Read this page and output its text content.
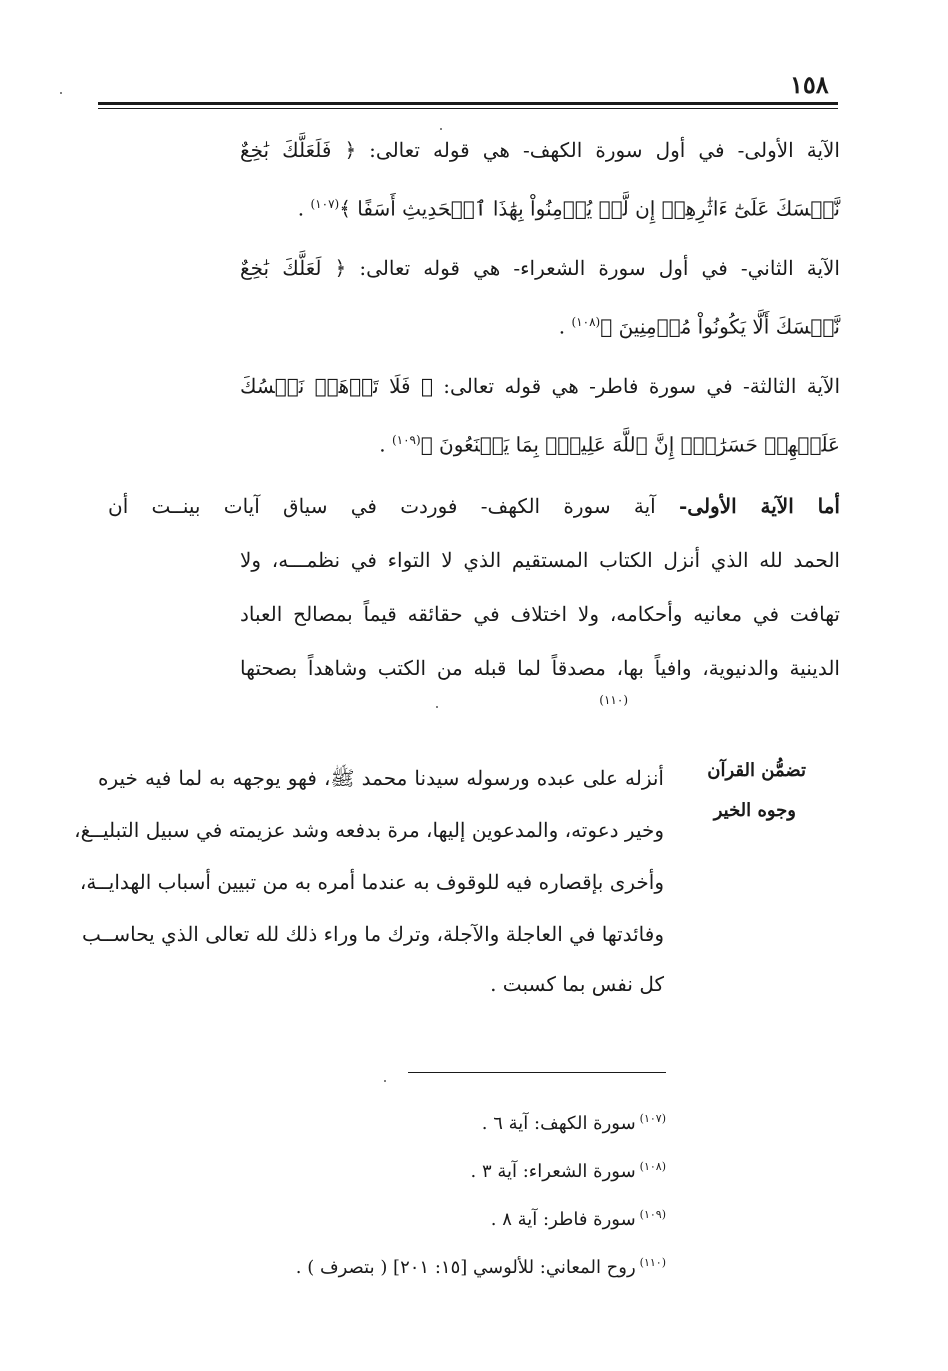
١٥٨
الآية الأولى- في أول سورة الكهف- هي قوله تعالى: ﴿ فَلَعَلَّكَ بَٰخِعٌ
نَّفۡسَكَ عَلَىٰٓ ءَاثَٰرِهِمۡ إِن لَّمۡ يُؤۡمِنُواْ بِهَٰذَا ٱلۡحَدِيثِ أَسَفًا ﴾$^{(١٠٧)}$ .
الآية الثاني- في أول سورة الشعراء- هي قوله تعالى: ﴿ لَعَلَّكَ بَٰخِعٌ
نَّفۡسَكَ أَلَّا يَكُونُواْ مُؤۡمِنِينَ ﴾$^{(١٠٨)}$ .
الآية الثالثة- في سورة فاطر- هي قوله تعالى: ﴿ فَلَا تَذۡهَبۡ نَفۡسُكَ
عَلَيۡهِمۡ حَسَرَٰتٍۚ إِنَّ ٱللَّهَ عَلِيمُۢ بِمَا يَصۡنَعُونَ ﴾$^{(١٠٩)}$ .
أما الآية الأولى- آية سورة الكهف- فوردت في سياق آيات بينــت أن
الحمد لله الذي أنزل الكتاب المستقيم الذي لا التواء في نظمـــه، ولا
تهافت في معانيه وأحكامه، ولا اختلاف في حقائقه قيماً بمصالح العباد
الدينية والدنيوية، وافياً بها، مصدقاً لما قبله من الكتب وشاهداً بصحتها
(١١٠)
تضمُّن القرآن
وجوه الخير
أنزله على عبده ورسوله سيدنا محمد ﷺ، فهو يوجهه به لما فيه خيره
وخير دعوته، والمدعوين إليها، مرة بدفعه وشد عزيمته في سبيل التبليــغ،
وأخرى بإقصاره فيه للوقوف به عندما أمره به من تبيين أسباب الهدايــة،
وفائدتها في العاجلة والآجلة، وترك ما وراء ذلك لله تعالى الذي يحاســب
كل نفس بما كسبت .
$^{(١٠٧)}$سورة الكهف: آية ٦ .
$^{(١٠٨)}$سورة الشعراء: آية ٣ .
$^{(١٠٩)}$سورة فاطر: آية ٨ .
$^{(١١٠)}$روح المعاني: للألوسي [١٥: ٢٠١] ( بتصرف ) .
